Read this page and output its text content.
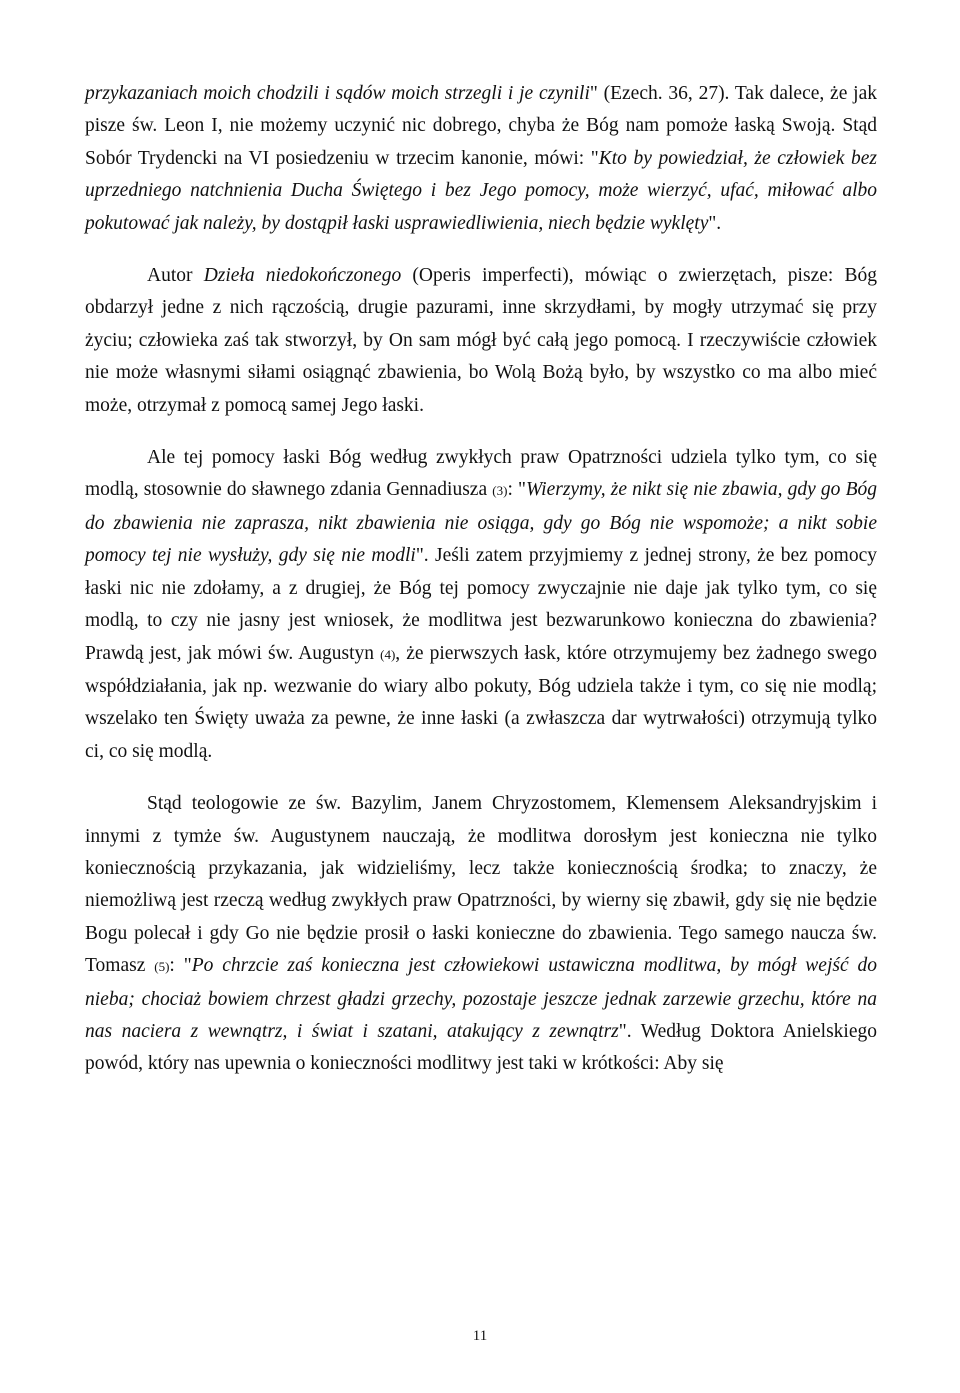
przykazaniach moich chodzili i sądów moich strzegli i je czynili" (Ezech. 36, 27). Tak dalece, że jak pisze św. Leon I, nie możemy uczynić nic dobrego, chyba że Bóg nam pomoże łaską Swoją. Stąd Sobór Trydencki na VI posiedzeniu w trzecim kanonie, mówi: "Kto by powiedział, że człowiek bez uprzedniego natchnienia Ducha Świętego i bez Jego pomocy, może wierzyć, ufać, miłować albo pokutować jak należy, by dostąpił łaski usprawiedliwienia, niech będzie wyklęty".

Autor Dzieła niedokończonego (Operis imperfecti), mówiąc o zwierzętach, pisze: Bóg obdarzył jedne z nich rączością, drugie pazurami, inne skrzydłami, by mogły utrzymać się przy życiu; człowieka zaś tak stworzył, by On sam mógł być całą jego pomocą. I rzeczywiście człowiek nie może własnymi siłami osiągnąć zbawienia, bo Wolą Bożą było, by wszystko co ma albo mieć może, otrzymał z pomocą samej Jego łaski.

Ale tej pomocy łaski Bóg według zwykłych praw Opatrzności udziela tylko tym, co się modlą, stosownie do sławnego zdania Gennadiusza (3): "Wierzymy, że nikt się nie zbawia, gdy go Bóg do zbawienia nie zaprasza, nikt zbawienia nie osiąga, gdy go Bóg nie wspomoże; a nikt sobie pomocy tej nie wysłuży, gdy się nie modli". Jeśli zatem przyjmiemy z jednej strony, że bez pomocy łaski nic nie zdołamy, a z drugiej, że Bóg tej pomocy zwyczajnie nie daje jak tylko tym, co się modlą, to czy nie jasny jest wniosek, że modlitwa jest bezwarunkowo konieczna do zbawienia? Prawdą jest, jak mówi św. Augustyn (4), że pierwszych łask, które otrzymujemy bez żadnego swego współdziałania, jak np. wezwanie do wiary albo pokuty, Bóg udziela także i tym, co się nie modlą; wszelako ten Święty uważa za pewne, że inne łaski (a zwłaszcza dar wytrwałości) otrzymują tylko ci, co się modlą.

Stąd teologowie ze św. Bazylim, Janem Chryzostomem, Klemensem Aleksandryjskim i innymi z tymże św. Augustynem nauczają, że modlitwa dorosłym jest konieczna nie tylko koniecznością przykazania, jak widzieliśmy, lecz także koniecznością środka; to znaczy, że niemożliwą jest rzeczą według zwykłych praw Opatrzności, by wierny się zbawił, gdy się nie będzie Bogu polecał i gdy Go nie będzie prosił o łaski konieczne do zbawienia. Tego samego naucza św. Tomasz (5): "Po chrzcie zaś konieczna jest człowiekowi ustawiczna modlitwa, by mógł wejść do nieba; chociaż bowiem chrzest gładzi grzechy, pozostaje jeszcze jednak zarzewie grzechu, które na nas naciera z wewnątrz, i świat i szatani, atakujący z zewnątrz". Według Doktora Anielskiego powód, który nas upewnia o konieczności modlitwy jest taki w krótkości: Aby się

11
